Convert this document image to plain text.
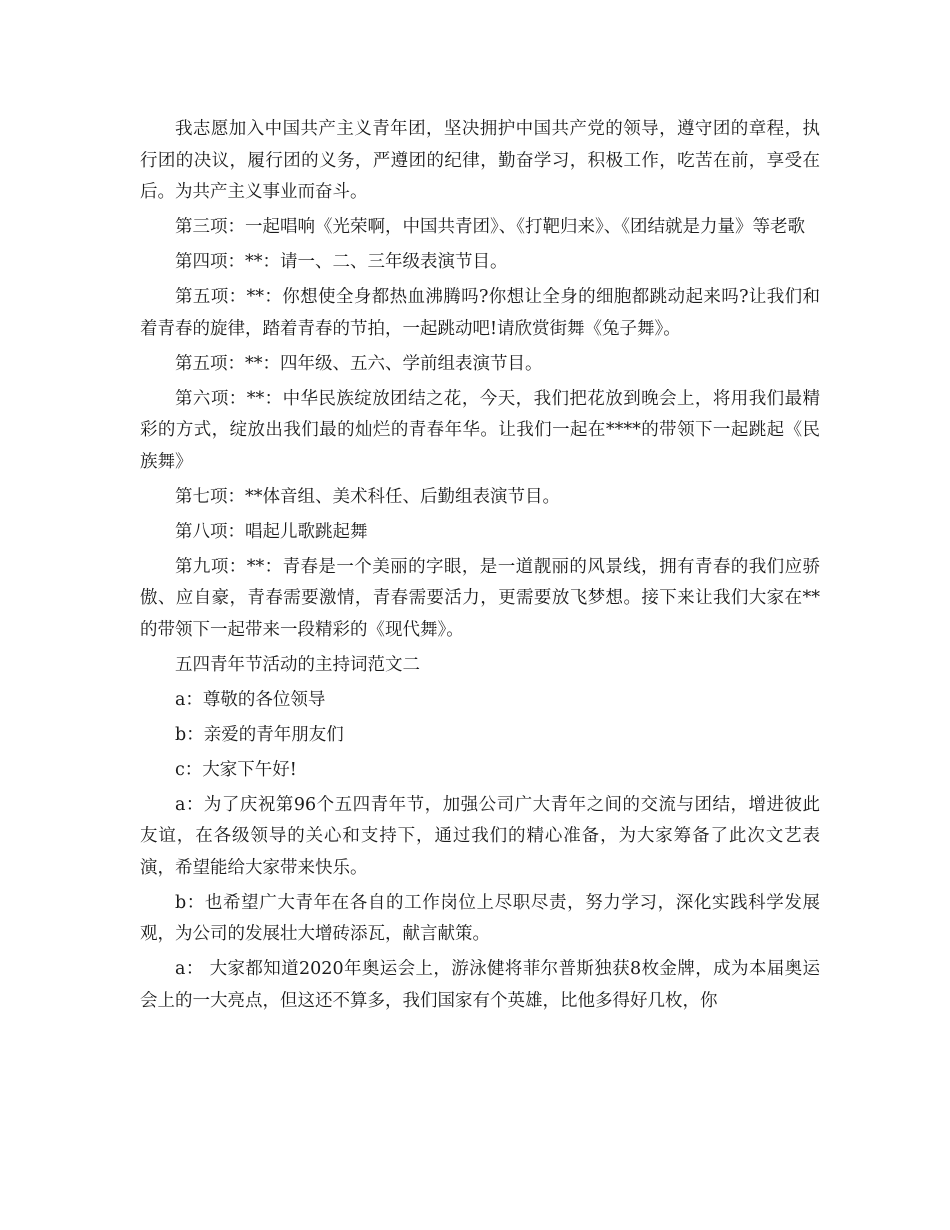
我志愿加入中国共产主义青年团，坚决拥护中国共产党的领导，遵守团的章程，执行团的决议，履行团的义务，严遵团的纪律，勤奋学习，积极工作，吃苦在前，享受在后。为共产主义事业而奋斗。

第三项：一起唱响《光荣啊，中国共青团》、《打靶归来》、《团结就是力量》等老歌

第四项：**：请一、二、三年级表演节目。

第五项：**：你想使全身都热血沸腾吗?你想让全身的细胞都跳动起来吗?让我们和着青春的旋律，踏着青春的节拍，一起跳动吧!请欣赏街舞《兔子舞》。

第五项：**：四年级、五六、学前组表演节目。

第六项：**：中华民族绽放团结之花，今天，我们把花放到晚会上，将用我们最精彩的方式，绽放出我们最的灿烂的青春年华。让我们一起在****的带领下一起跳起《民族舞》

第七项：**体音组、美术科任、后勤组表演节目。

第八项：唱起儿歌跳起舞

第九项：**：青春是一个美丽的字眼，是一道靓丽的风景线，拥有青春的我们应骄傲、应自豪，青春需要激情，青春需要活力，更需要放飞梦想。接下来让我们大家在**的带领下一起带来一段精彩的《现代舞》。

五四青年节活动的主持词范文二

a：尊敬的各位领导

b：亲爱的青年朋友们

c：大家下午好!

a：为了庆祝第96个五四青年节，加强公司广大青年之间的交流与团结，增进彼此友谊，在各级领导的关心和支持下，通过我们的精心准备，为大家筹备了此次文艺表演，希望能给大家带来快乐。

b：也希望广大青年在各自的工作岗位上尽职尽责，努力学习，深化实践科学发展观，为公司的发展壮大增砖添瓦，献言献策。

a： 大家都知道2020年奥运会上，游泳健将菲尔普斯独获8枚金牌，成为本届奥运会上的一大亮点，但这还不算多，我们国家有个英雄，比他多得好几枚，你
